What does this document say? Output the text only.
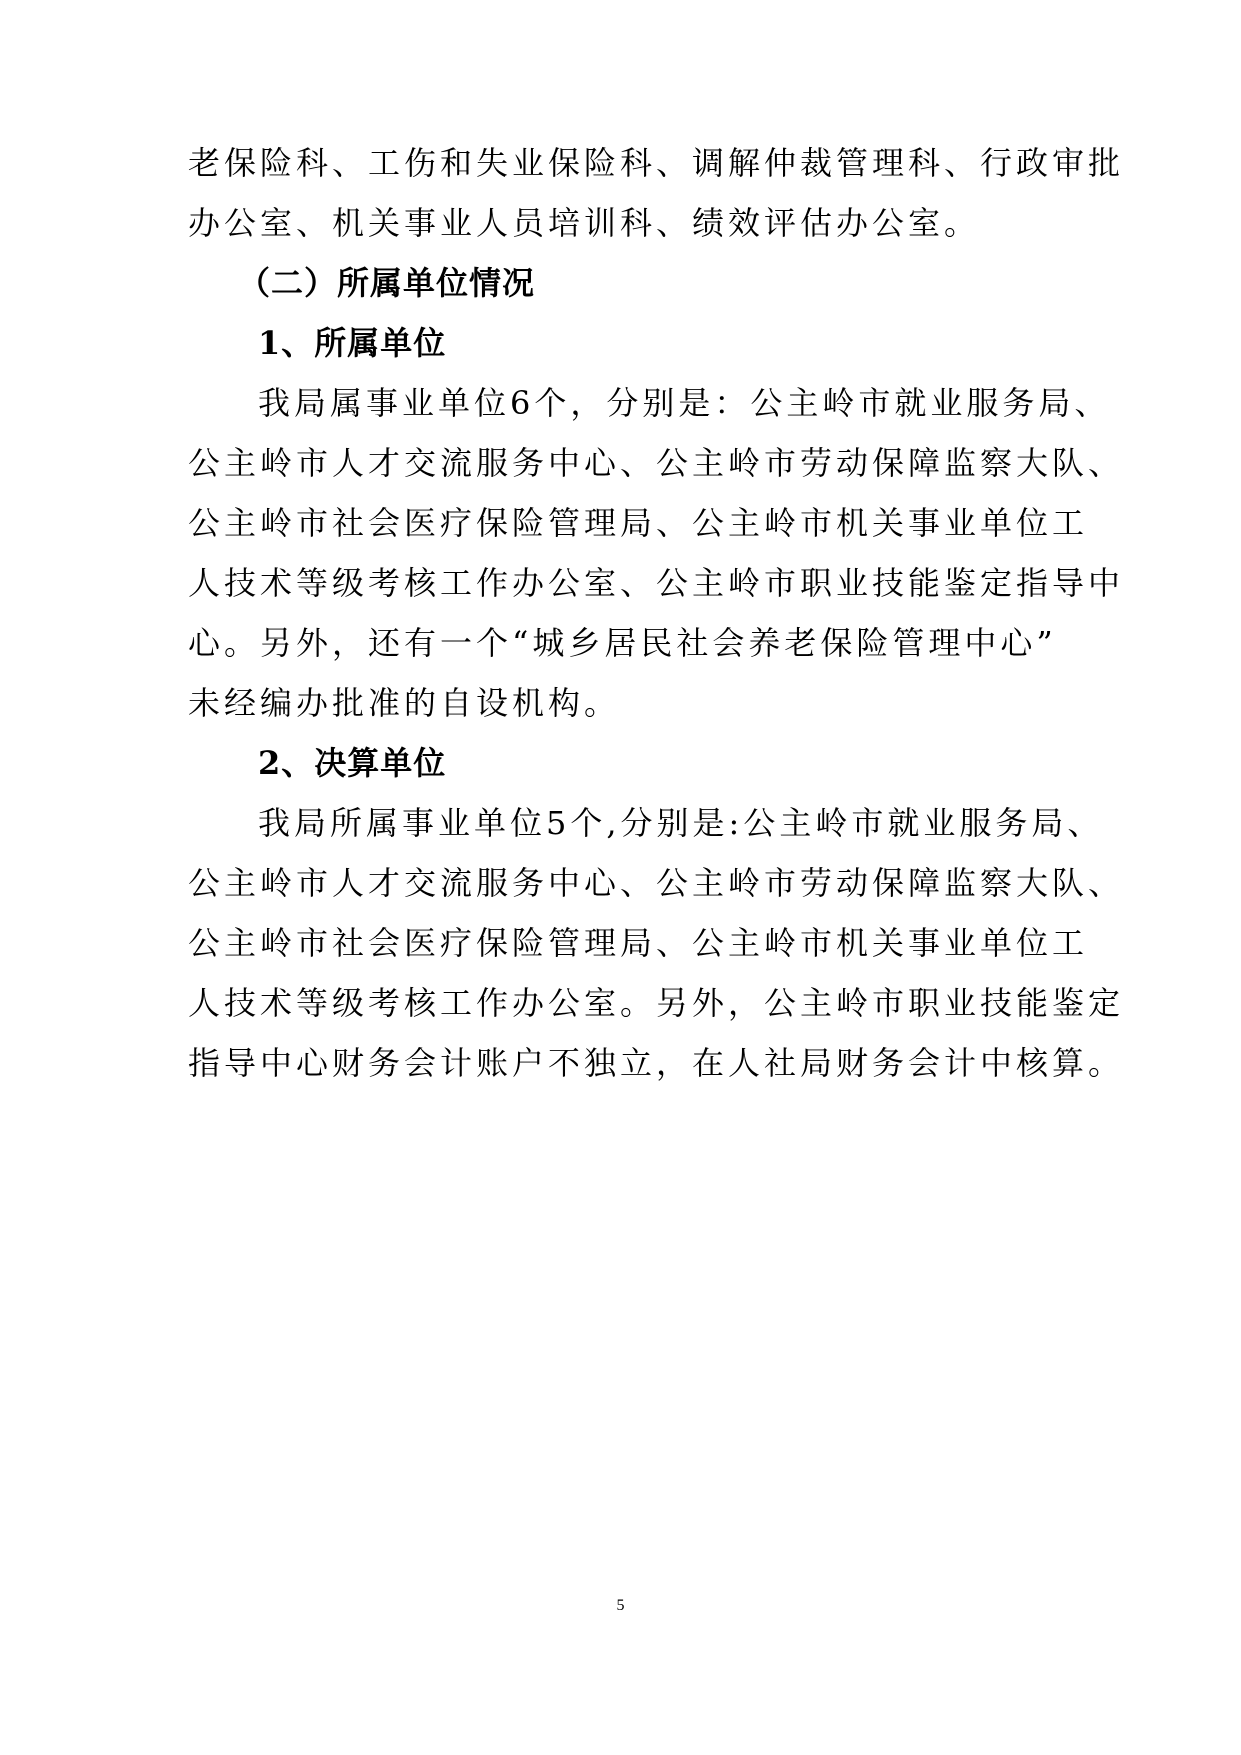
老保险科、工伤和失业保险科、调解仲裁管理科、行政审批
办公室、机关事业人员培训科、绩效评估办公室。
（二）所属单位情况
1、所属单位
我局属事业单位6个，分别是：公主岭市就业服务局、
公主岭市人才交流服务中心、公主岭市劳动保障监察大队、
公主岭市社会医疗保险管理局、公主岭市机关事业单位工
人技术等级考核工作办公室、公主岭市职业技能鉴定指导中
心。另外，还有一个“城乡居民社会养老保险管理中心”
未经编办批准的自设机构。
2、决算单位
我局所属事业单位5个,分别是:公主岭市就业服务局、
公主岭市人才交流服务中心、公主岭市劳动保障监察大队、
公主岭市社会医疗保险管理局、公主岭市机关事业单位工
人技术等级考核工作办公室。另外，公主岭市职业技能鉴定
指导中心财务会计账户不独立，在人社局财务会计中核算。
5
